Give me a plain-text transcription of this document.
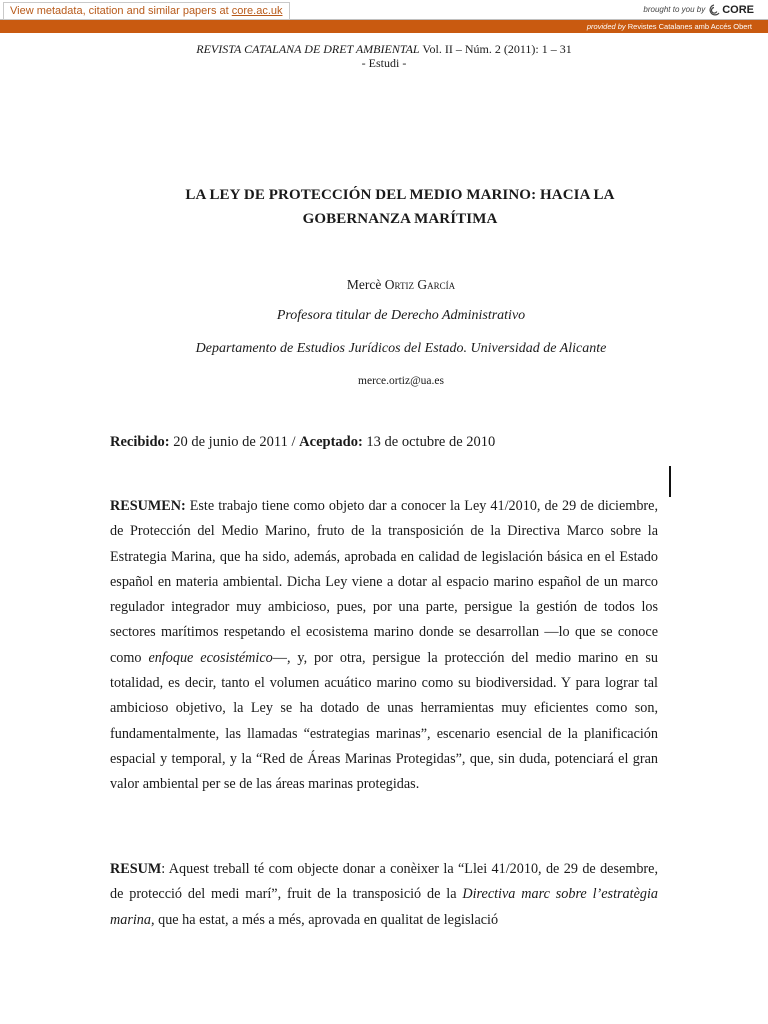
View metadata, citation and similar papers at core.ac.uk	brought to you by CORE
provided by Revistes Catalanes amb Accés Obert
REVISTA CATALANA DE DRET AMBIENTAL Vol. II – Núm. 2 (2011): 1 – 31
- Estudi -
LA LEY DE PROTECCIÓN DEL MEDIO MARINO: HACIA LA
GOBERNANZA MARÍTIMA
Mercè Ortiz García
Profesora titular de Derecho Administrativo
Departamento de Estudios Jurídicos del Estado. Universidad de Alicante
merce.ortiz@ua.es
Recibido: 20 de junio de 2011 / Aceptado: 13 de octubre de 2010
RESUMEN: Este trabajo tiene como objeto dar a conocer la Ley 41/2010, de 29 de diciembre, de Protección del Medio Marino, fruto de la transposición de la Directiva Marco sobre la Estrategia Marina, que ha sido, además, aprobada en calidad de legislación básica en el Estado español en materia ambiental. Dicha Ley viene a dotar al espacio marino español de un marco regulador integrador muy ambicioso, pues, por una parte, persigue la gestión de todos los sectores marítimos respetando el ecosistema marino donde se desarrollan —lo que se conoce como enfoque ecosistémico—, y, por otra, persigue la protección del medio marino en su totalidad, es decir, tanto el volumen acuático marino como su biodiversidad. Y para lograr tal ambicioso objetivo, la Ley se ha dotado de unas herramientas muy eficientes como son, fundamentalmente, las llamadas “estrategias marinas”, escenario esencial de la planificación espacial y temporal, y la “Red de Áreas Marinas Protegidas”, que, sin duda, potenciará el gran valor ambiental per se de las áreas marinas protegidas.
RESUM: Aquest treball té com objecte donar a conèixer la “Llei 41/2010, de 29 de desembre, de protecció del medi marí”, fruit de la transposició de la Directiva marc sobre l’estratègia marina, que ha estat, a més a més, aprovada en qualitat de legislació
